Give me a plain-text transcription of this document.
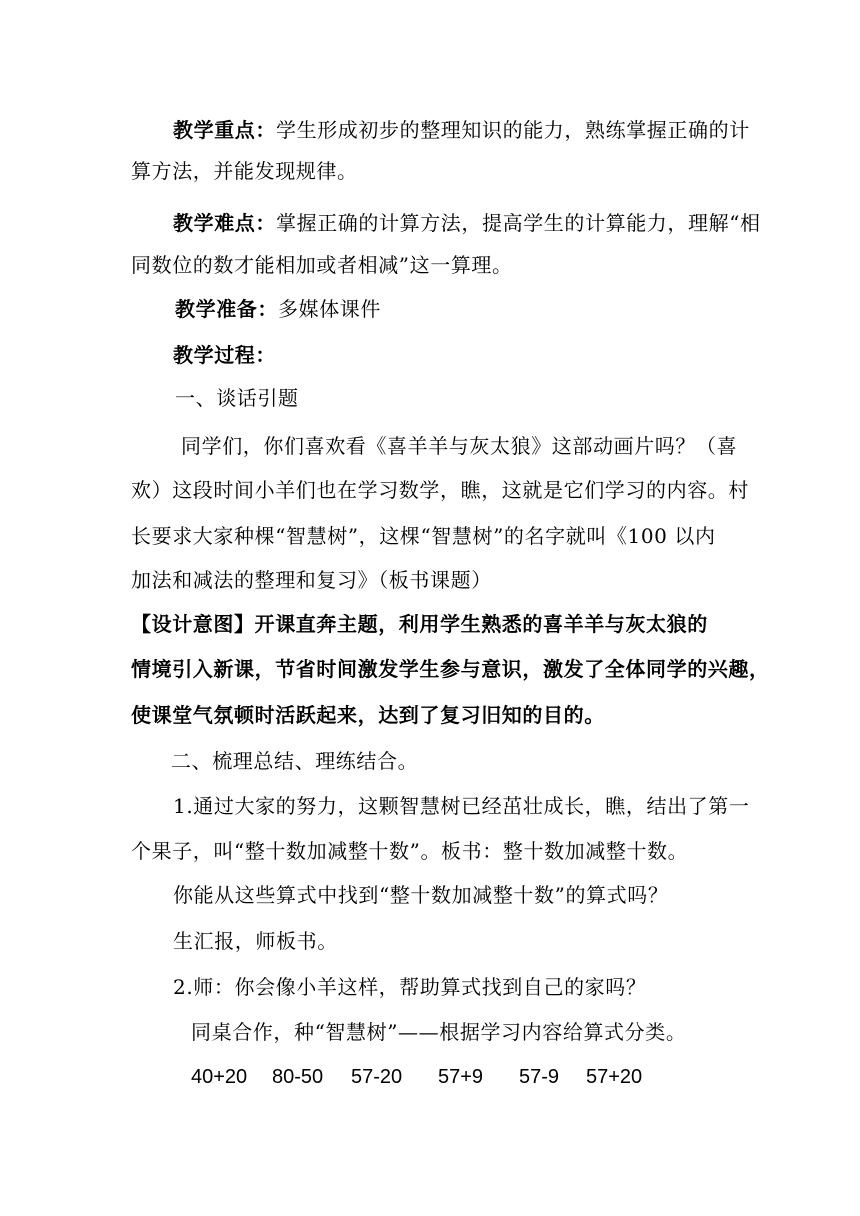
教学重点：学生形成初步的整理知识的能力，熟练掌握正确的计
算方法，并能发现规律。
教学难点：掌握正确的计算方法，提高学生的计算能力，理解“相
同数位的数才能相加或者相减”这一算理。
教学准备：多媒体课件
教学过程：
一、谈话引题
同学们，你们喜欢看《喜羊羊与灰太狼》这部动画片吗？（喜
欢）这段时间小羊们也在学习数学，瞧，这就是它们学习的内容。村
长要求大家种棵“智慧树”，这棵“智慧树”的名字就叫《100 以内
加法和减法的整理和复习》（板书课题）
【设计意图】开课直奔主题，利用学生熟悉的喜羊羊与灰太狼的
情境引入新课，节省时间激发学生参与意识，激发了全体同学的兴趣，
使课堂气氛顿时活跃起来，达到了复习旧知的目的。
二、梳理总结、理练结合。
1.通过大家的努力，这颗智慧树已经茁壮成长，瞧，结出了第一
个果子，叫“整十数加减整十数”。板书：整十数加减整十数。
你能从这些算式中找到“整十数加减整十数”的算式吗？
生汇报，师板书。
2.师：你会像小羊这样，帮助算式找到自己的家吗？
同桌合作，种“智慧树”——根据学习内容给算式分类。
40+20 80-50 57-20 57+9 57-9 57+20
